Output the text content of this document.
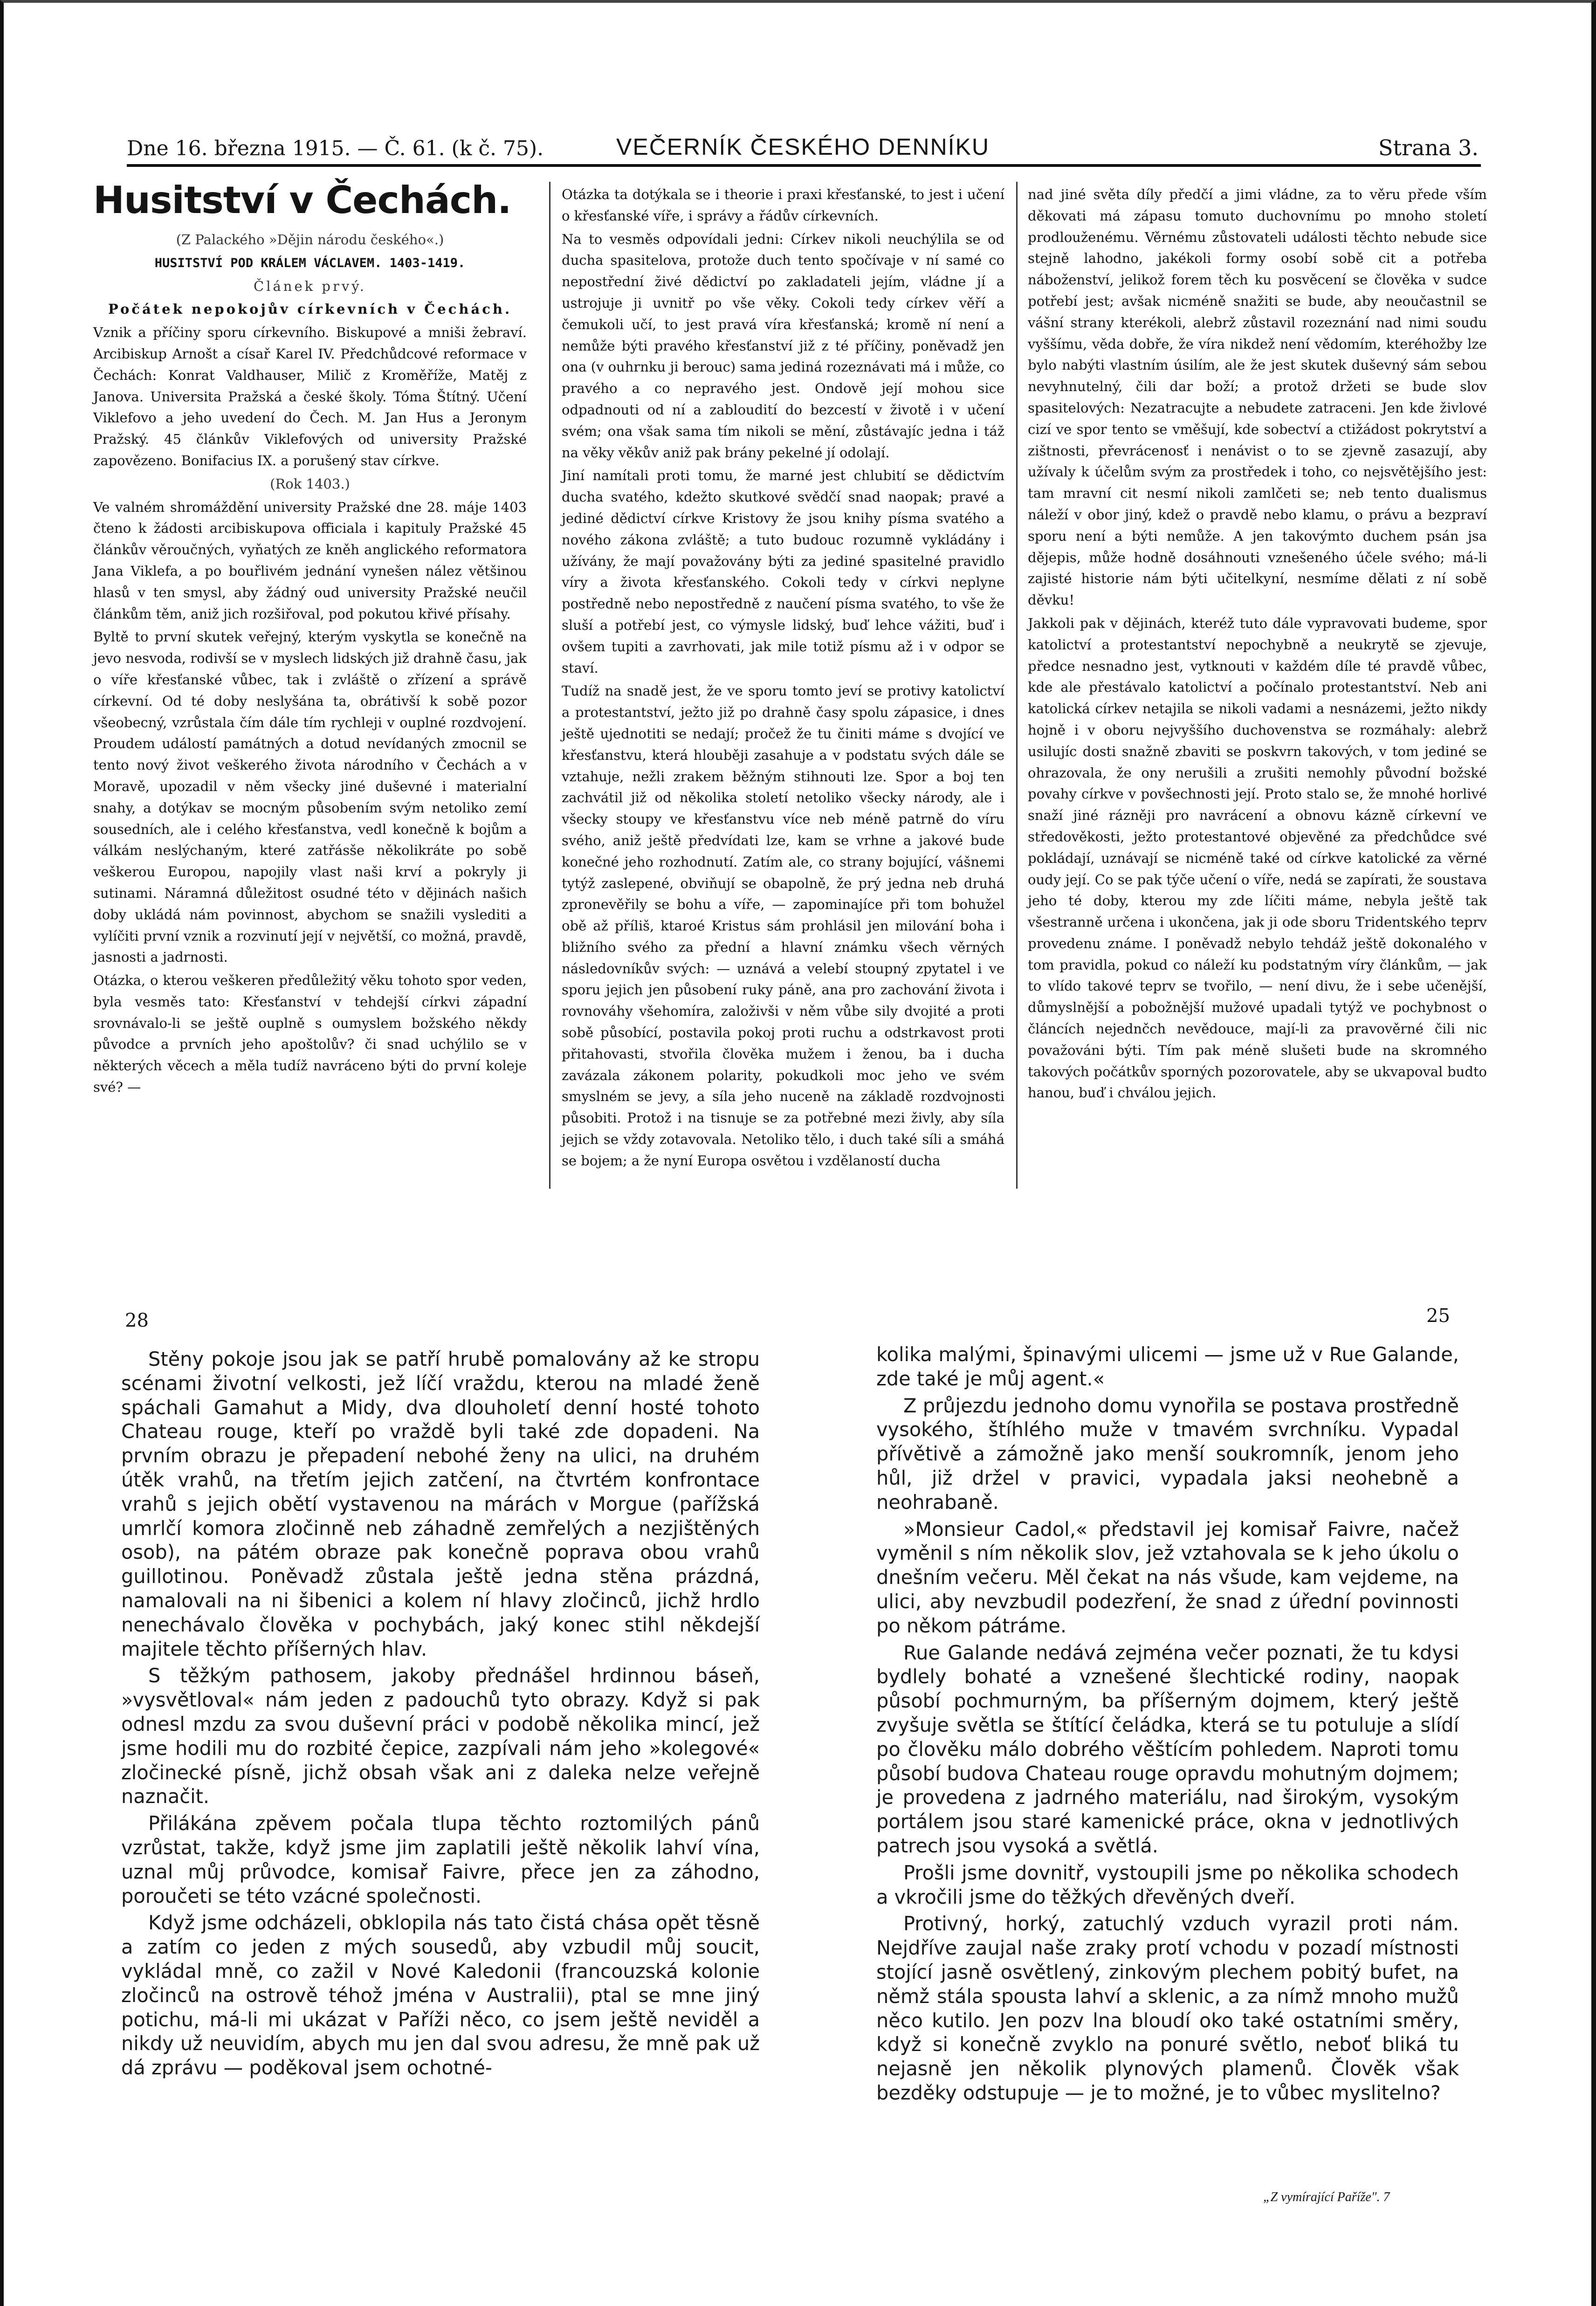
Dne 16. března 1915. — Č. 61. (k č. 75).	VEČERNÍK ČESKÉHO DENNÍKU	Strana 3.
Husitství v Čechách.

(Z Palackého »Dějin národu českého«.)

HUSITSTVÍ POD KRÁLEM VÁCLAVEM. 1403-1419.

Článek prvý.

Počátek nepokojův církevních v Čechách.

Vznik a příčiny sporu církevního. Biskupové a mniši žebraví. Arcibiskup Arnošt a císař Karel IV. Předchůdcové reformace v Čechách: Konrat Valdhauser, Milič z Kroměříže, Matěj z Janova. Universita Pražská a české školy. Tóma Štítný. Učení Viklefovo a jeho uvedení do Čech. M. Jan Hus a Jeronym Pražský. 45 článkův Viklefových od university Pražské zapovězeno. Bonifacius IX. a porušený stav církve.

(Rok 1403.)

Ve valném shromáždění university Pražské dne 28. máje 1403 čteno k žádosti arcibiskupova officiala i kapituly Pražské 45 článkův věroučných, vyňatých ze kněh anglického reformatora Jana Viklefa, a po bouřlivém jednání vynešen nález většinou hlasů v ten smysl, aby žádný oud university Pražské neučil článkům těm, aniž jich rozšiřoval, pod pokutou křivé přísahy.

Byltě to první skutek veřejný, kterým vyskytla se konečně na jevo nesvoda, rodivší se v myslech lidských již drahně času, jak o víře křesťanské vůbec, tak i zvláště o zřízení a správě církevní. Od té doby neslyšána ta, obrátivší k sobě pozor všeobecný, vzrůstala čím dále tím rychleji v ouplné rozdvojení. Proudem událostí památných a dotud nevídaných zmocnil se tento nový život veškerého života národního v Čechách a v Moravě, upozadil v něm všecky jiné duševné i materialní snahy, a dotýkav se mocným působením svým netoliko zemí sousedních, ale i celého křesťanstva, vedl konečně k bojům a válkám neslýchaným, které zatřásše několikráte po sobě veškerou Europou, napojily vlast naši krví a pokryly ji sutinami. Náramná důležitost osudné této v dějinách našich doby ukládá nám povinnost, abychom se snažili vyslediti a vylíčiti první vznik a rozvinutí její v největší, co možná, pravdě, jasnosti a jadrnosti.

Otázka, o kterou veškeren předůležitý věku tohoto spor veden, byla vesměs tato: Křesťanství v tehdejší církvi západní srovnávalo-li se ještě ouplně s oumyslem božského někdy původce a prvních jeho apoštolův? či snad uchýlilo se v některých věcech a měla tudíž navráceno býti do první koleje své? —

Otázka ta dotýkala se i theorie i praxi křesťanské, to jest i učení o křesťanské víře, i správy a řádův církevních.

Na to vesměs odpovídali jedni: Církev nikoli neuchýlila se od ducha spasitelova, protože duch tento spočívaje v ní samé co nepostřední živé dědictví po zakladateli jejím, vládne jí a ustrojuje ji uvnitř po vše věky. Cokoli tedy církev věří a čemukoli učí, to jest pravá víra křesťanská; kromě ní není a nemůže býti pravého křesťanství již z té příčiny, poněvadž jen ona (v ouhrnku ji berouc) sama jediná rozeznávati má i může, co pravého a co nepravého jest. Ondově její mohou sice odpadnouti od ní a zabloudití do bezcestí v životě i v učení svém; ona však sama tím nikoli se mění, zůstávajíc jedna i táž na věky věkův aniž pak brány pekelné jí odolají.

Jiní namítali proti tomu, že marné jest chlubití se dědictvím ducha svatého, kdežto skutkové svědčí snad naopak; pravé a jediné dědictví církve Kristovy že jsou knihy písma svatého a nového zákona zvláště; a tuto budouc rozumně vykládány i užívány, že mají považovány býti za jediné spasitelné pravidlo víry a života křesťanského. Cokoli tedy v církvi neplyne postředně nebo nepostředně z naučení písma svatého, to vše že sluší a potřebí jest, co výmysle lidský, buď lehce vážiti, buď i ovšem tupiti a zavrhovati, jak mile totiž písmu až i v odpor se staví.

Tudíž na snadě jest, že ve sporu tomto jeví se protivy katolictví a protestantství, ježto již po drahně časy spolu zápasice, i dnes ještě ujednotiti se nedají; pročež že tu činiti máme s dvojící ve křesťanstvu, která hlouběji zasahuje a v podstatu svých dále se vztahuje, nežli zrakem běžným stihnouti lze. Spor a boj ten zachvátil již od několika století netolikо všecky národy, ale i všecky stoupy ve křesťanstvu více neb méně patrně do víru svého, aniž ještě předvídati lze, kam se vrhne a jakové bude konečné jeho rozhodnutí. Zatím ale, co strany bojující, vášnemi tytýž zaslepené, obviňují se obapolně, že prý jedna neb druhá zpronevěřily se bohu a víře, — zapominajíce při tom bohužel obě až příliš, ktaroé Kristus sám prohlásil jen milování boha i bližního svého za přední a hlavní známku všech věrných následovníkův svých: — uznává a velebí stoupný zpytatel i ve sporu jejich jen působení ruky páně, ana pro zachování života i rovnováhy všehomíra, založivši v něm vůbe sily dvojité a proti sobě působící, postavila pokoj proti ruchu a odstrkavost proti přitahovasti, stvořila člověka mužem i ženou, ba i ducha zavázala zákonem polarity, pokudkoli moc jeho ve svém smyslném se jevy, a síla jeho nuceně na základě rozdvojnosti působiti. Protož i na tisnuje se za potřebné mezi živly, aby síla jejich se vždy zotavovala. Netoliko tělo, i duch také síli a smáhá se bojem; a že nyní Europa osvětou i vzdělaností ducha

nad jiné světa díly předčí a jimi vládne, za to věru přede vším děkovati má zápasu tomuto duchovnímu po mnoho století prodlouženému. Věrnému zůstovateli události těchto nebude sice stejně lahodno, jakékoli formy osobí sobě cit a potřeba náboženství, jelikož forem těch ku posvěcení se člověka v sudce potřebí jest; avšak nicméně snažiti se bude, aby neoučastnil se vášní strany kterékoli, alebrž zůstavil rozeznání nad nimi soudu vyššímu, věda dobře, že víra nikdež není vědomím, kteréhožby lze bylo nabýti vlastním úsilím, ale že jest skutek duševný sám sebou nevyhnutelný, čili dar boží; a protož držeti se bude slov spasitelových: Nezatracujte a nebudete zatraceni. Jen kde živlové cizí ve spor tento se vměšují, kde sobectví a ctižádost pokrytství a zištnosti, převrácenosť i nenávist o to se zjevně zasazují, aby užívaly k účelům svým za prostředek i toho, co nejsvětějšího jest: tam mravní cit nesmí nikoli zamlčeti se; neb tento dualismus náleží v obor jiný, kdež o pravdě nebo klamu, o právu a bezpraví sporu není a býti nemůže. A jen takovýmto duchem psán jsa dějepis, může hodně dosáhnouti vznešeného účele svého; má-li zajisté historie nám býti učitelkyní, nesmíme dělati z ní sobě děvku!

Jakkoli pak v dějinách, kteréž tuto dále vypravovati budeme, spor katolictví a protestantství nepochybně a neukrytě se zjevuje, předce nesnadno jest, vytknouti v každém díle té pravdě vůbec, kde ale přestávalo katolictví a počínalo protestantství. Neb ani katolická církev netajila se nikoli vadami a nesnázemi, ježto nikdy hojně i v oboru nejvyššího duchovenstva se rozmáhaly: alebrž usilujíc dosti snažně zbaviti se poskvrn takových, v tom jediné se ohrazovala, že ony nerušili a zrušiti nemohly původní božské povahy církve v povšechnosti její. Proto stalo se, že mnohé horlivé snaží jiné rázněji pro navrácení a obnovu kázně církevní ve středověkosti, ježto protestantové objevěné za předchůdce své pokládají, uznávají se nicméně také od církve katolické za věrné oudy její. Co se pak týče učení o víře, nedá se zapírati, že soustava jeho té doby, kterou my zde líčiti máme, nebyla ještě tak všestranně určena i ukončena, jak ji ode sboru Tridentského teprv provedenu známe. I poněvadž nebylo tehdáž ještě dokonalého v tom pravidla, pokud co náleží ku podstatným víry článkům, — jak to vlído takové teprv se tvořilo, — není divu, že i sebe učenější, důmyslnější a pobožnější mužové upadali tytýž ve pochybnost o článcích nejednčch nevědouce, mají-li za pravověrné čili nic považováni býti. Tím pak méně slušeti bude na skromného takových počátkův sporných pozorovatele, aby se ukvapoval budto hanou, buď i chválou jejich.

28	25

Stěny pokoje jsou jak se patří hrubě pomalovány až ke stropu scénami životní velkosti, jež líčí vraždu, kterou na mladé ženě spáchali Gamahut a Midy, dva dlouholetí denní hosté tohoto Chateau rouge, kteří po vraždě byli také zde dopadeni. Na prvním obrazu je přepadení nebohé ženy na ulici, na druhém útěk vrahů, na třetím jejich zatčení, na čtvrtém konfrontace vrahů s jejich obětí vystavenou na márách v Morgue (pařížská umrlčí komora zločinně neb záhadně zemřelých a nezjištěných osob), na pátém obraze pak konečně poprava obou vrahů guillotinou. Poněvadž zůstala ještě jedna stěna prázdná, namalovali na ni šibenici a kolem ní hlavy zločinců, jichž hrdlo nenechávalo člověka v pochybách, jaký konec stihl někdejší majitele těchto příšerných hlav.

S těžkým pathosem, jakoby přednášel hrdinnou báseň, »vysvětloval« nám jeden z padouchů tyto obrazy. Když si pak odnesl mzdu za svou duševní práci v podobě několika mincí, jež jsme hodili mu do rozbité čepice, zazpívali nám jeho »kolegové« zločinecké písně, jichž obsah však ani z daleka nelze veřejně naznačit.

Přilákána zpěvem počala tlupa těchto roztomilých pánů vzrůstat, takže, když jsme jim zaplatili ještě několik lahví vína, uznal můj průvodce, komisař Faivre, přece jen za záhodno, poroučeti se této vzácné společnosti.

Když jsme odcházeli, obklopila nás tato čistá chása opět těsně a zatím co jeden z mých sousedů, aby vzbudil můj soucit, vykládal mně, co zažil v Nové Kaledonii (francouzská kolonie zločinců na ostrově téhož jména v Australii), ptal se mne jiný potichu, má-li mi ukázat v Paříži něco, co jsem ještě neviděl a nikdy už neuvidím, abych mu jen dal svou adresu, že mně pak už dá zprávu — poděkoval jsem ochotné-

kolika malými, špinavými ulicemi — jsme už v Rue Galande, zde také je můj agent.«

Z průjezdu jednoho domu vynořila se postava prostředně vysokého, štíhlého muže v tmavém svrchníku. Vypadal přívětivě a zámožně jako menší soukromník, jenom jeho hůl, již držel v pravici, vypadala jaksi neohebně a neohrabaně.

»Monsieur Cadol,« představil jej komisař Faivre, načež vyměnil s ním několik slov, jež vztahovala se k jeho úkolu o dnešním večeru. Měl čekat na nás všude, kam vejdeme, na ulici, aby nevzbudil podezření, že snad z úřední povinnosti po někom pátráme.

Rue Galande nedává zejména večer poznati, že tu kdysi bydlely bohaté a vznešené šlechtické rodiny, naopak působí pochmurným, ba příšerným dojmem, který ještě zvyšuje světla se štítící čeládka, která se tu potuluje a slídí po člověku málo dobrého věštícím pohledem. Naproti tomu působí budova Chateau rouge opravdu mohutným dojmem; je provedena z jadrného materiálu, nad širokým, vysokým portálem jsou staré kamenické práce, okna v jednotlivých patrech jsou vysoká a světlá.

Prošli jsme dovnitř, vystoupili jsme po několika schodech a vkročili jsme do těžkých dřevěných dveří.

Protivný, horký, zatuchlý vzduch vyrazil proti nám. Nejdříve zaujal naše zraky protí vchodu v pozadí místnosti stojící jasně osvětlený, zinkovým plechem pobitý bufet, na němž stála spousta lahví a sklenic, a za nímž mnoho mužů něco kutilo. Jen pozv lna bloudí oko také ostatními směry, když si konečně zvyklo na ponuré světlo, neboť bliká tu nejasně jen několik plynových plamenů. Člověk však bezděky odstupuje — je to možné, je to vůbec myslitelno?

„Z vymírající Paříže". 7
